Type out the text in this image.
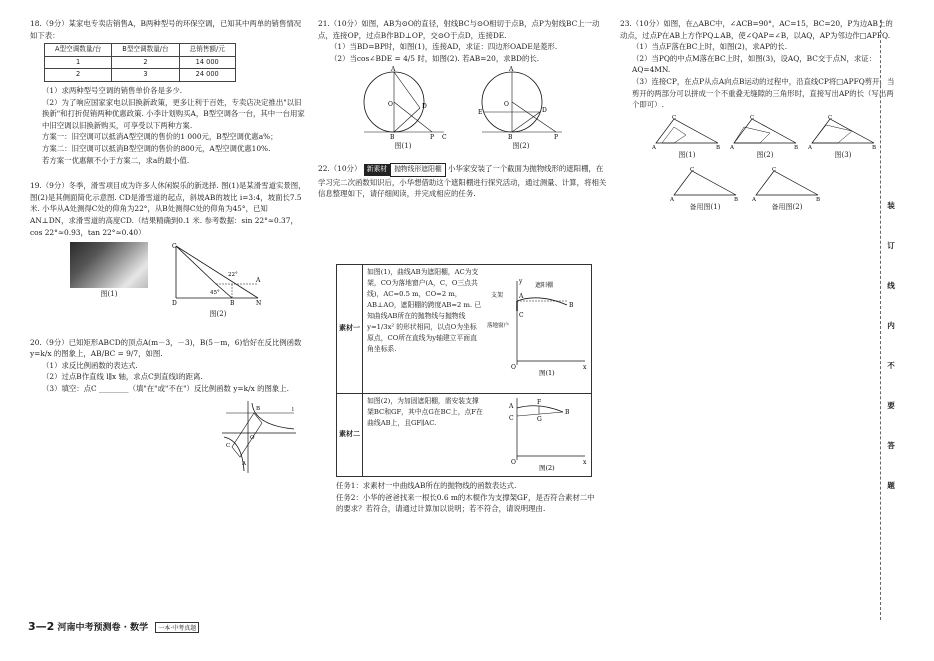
18.（9分）某家电专卖店销售A，B两种型号的环保空调，已知其中两单的销售情况如下表：

A型空调数量/台	B型空调数量/台	总销售额/元
1	2	14 000
2	3	24 000

（1）求两种型号空调的销售单价各是多少.

（2）为了响应国家家电以旧换新政策，更多让利于百姓，专卖店决定推出"以旧换新"和打折促销两种优惠政策. 小李计划购买A，B型空调各一台，其中一台用家中旧空调以旧换新购买，可享受以下两种方案.

方案一：旧空调可以抵消A型空调的售价的1 000元，B型空调优惠a%；

方案二：旧空调可以抵消B型空调的售价的800元，A型空调优惠10%.

若方案一优惠额不小于方案二，求a的最小值.

19.（9分）冬季，滑雪项目成为许多人休闲娱乐的新选择. 图(1)是某滑雪道实景图，图(2)是其侧面简化示意图. CD是滑雪道的起点，斜坡AB的坡比 i=3:4，坡面长7.5 米. 小华从A处测得C处的仰角为22°，从B处测得C处的仰角为45°，已知AN⊥DN，求滑雪道的高度CD.（结果精确到0.1 米. 参考数据：sin 22°≈0.37，cos 22°≈0.93，tan 22°≈0.40）

图(1)
C
D
45°
22°
B	N
A
图(2)

20.（9分）已知矩形ABCD的顶点A(m－3，－3)，B(5－m，6)恰好在反比例函数 y=k/x 的图象上，AB/BC = 9/7，如图.

（1）求反比例函数的表达式.

（2）过点B作直线 l∥x 轴，求点C到直线l的距离.

（3）填空：点C ________（填"在"或"不在"）反比例函数 y=k/x 的图象上.

B
C
A
l
O

21.（10分）如图，AB为⊙O的直径，射线BC与⊙O相切于点B，点P为射线BC上一动点，连接OP，过点B作BD⊥OP，交⊙O于点D，连接DE.

（1）当BD=BP时，如图(1)，连接AD，求证：四边形OADE是菱形.

（2）当cos∠BDE = 4/5 时，如图(2). 若AB=20，求BD的长.

A
O
B	P C
D
图(1)
A
O
B	P
E	D
图(2)

22.（10分） 新素材 抛物线形遮阳棚 小华家安装了一个截面为抛物线形的遮阳棚，在学习完二次函数知识后，小华想借助这个遮阳棚进行探究活动，通过测量、计算，将相关信息整理如下，请仔细阅读，并完成相应的任务.

素材一
如图(1)，曲线AB为遮阳棚，AC为支架，CO为落地窗户(A，C，O三点共线)，AC=0.5 m，CO=2 m，AB⊥AO，遮阳棚的跨度AB=2 m. 已知曲线AB所在的抛物线与抛物线 y=1/3x² 的形状相同，以点O为坐标原点，CO所在直线为y轴建立平面直角坐标系.
A
B
C
O	x
y
支架
遮阳棚
落地窗户
图(1)
素材二
如图(2)，为加固遮阳棚，需安装支撑架BC和GF，其中点G在BC上，点F在曲线AB上，且GF∥AC.
A
B
C
F
G
O	x
图(2)

任务1：求素材一中曲线AB所在的抛物线的函数表达式.

任务2：小华的爸爸找来一根长0.6 m的木棍作为支撑架GF，是否符合素材二中的要求？若符合，请通过计算加以说明；若不符合，请说明理由.

23.（10分）如图，在△ABC中，∠ACB=90°，AC=15，BC=20，P为边AB上的动点，过点P在AB上方作PQ⊥AB，使∠QAP=∠B，以AQ，AP为邻边作□APFQ.

（1）当点F落在BC上时，如图(2)，求AP的长.

（2）当PQ的中点M落在BC上时，如图(3)，设AQ，BC交于点N，求证：AQ=4MN.

（3）连接CP，在点P从点A向点B运动的过程中，沿直线CP将□APFQ剪开，当剪开的两部分可以拼成一个不重叠无缝隙的三角形时，直接写出AP的长（写出两个即可）.

A	B
C
图(1)
A	B
C
图(2)
A	B
C
图(3)
A	B
C
备用图(1)
A	B
C
备用图(2)	装
订
线
内
不
要
答
题
3—2 河南中考预测卷 · 数学 一本·中考真题
